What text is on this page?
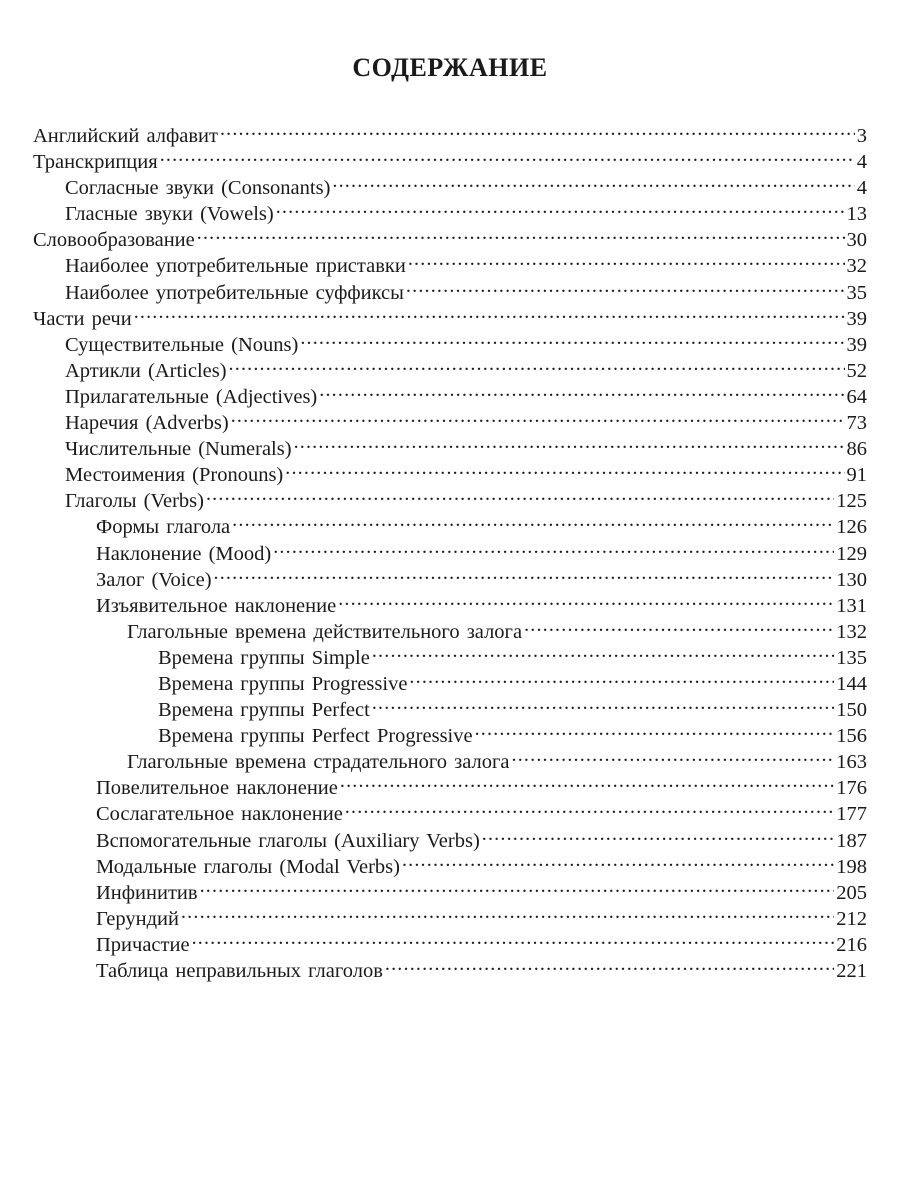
СОДЕРЖАНИЕ
Английский алфавит .....	3
Транскрипция .....	4
Согласные звуки (Consonants) .....	4
Гласные звуки (Vowels) .....	13
Словообразование .....	30
Наиболее употребительные приставки .....	32
Наиболее употребительные суффиксы .....	35
Части речи .....	39
Существительные (Nouns) .....	39
Артикли (Articles) .....	52
Прилагательные (Adjectives) .....	64
Наречия (Adverbs) .....	73
Числительные (Numerals) .....	86
Местоимения (Pronouns) .....	91
Глаголы (Verbs) .....	125
Формы глагола .....	126
Наклонение (Mood) .....	129
Залог (Voice) .....	130
Изъявительное наклонение .....	131
Глагольные времена действительного залога .....	132
Времена группы Simple .....	135
Времена группы Progressive .....	144
Времена группы Perfect .....	150
Времена группы Perfect Progressive .....	156
Глагольные времена страдательного залога .....	163
Повелительное наклонение .....	176
Сослагательное наклонение .....	177
Вспомогательные глаголы (Auxiliary Verbs) .....	187
Модальные глаголы (Modal Verbs) .....	198
Инфинитив .....	205
Герундий .....	212
Причастие .....	216
Таблица неправильных глаголов .....	221
